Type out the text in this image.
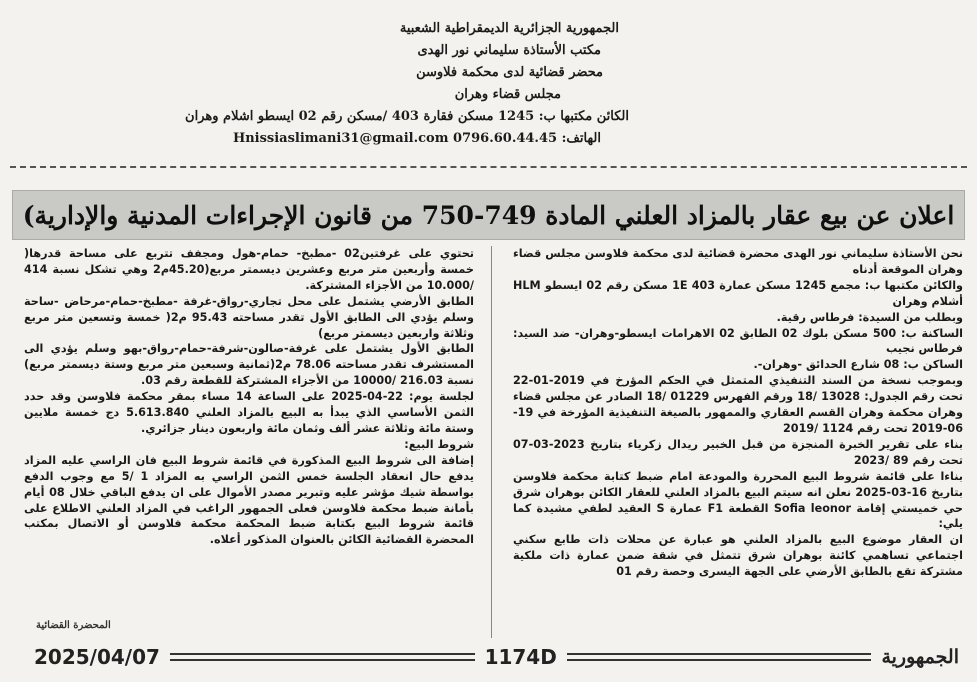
الجمهورية الجزائرية الديمقراطية الشعبية
مكتب الأستاذة سليماني نور الهدى
محضر قضائية لدى محكمة فلاوسن
مجلس قضاء وهران
الكائن مكتبها ب: 1245 مسكن فقارة 403 /مسكن رقم 02 ايسطو اشلام وهران
الهاتف: 0796.60.44.45 Hnissiaslimani31@gmail.com
اعلان عن بيع عقار بالمزاد العلني المادة 749-750 من قانون الإجراءات المدنية والإدارية)

نحن الأستاذة سليماني نور الهدى محضرة قضائية لدى محكمة فلاوسن مجلس قضاء وهران الموقعة أدناه

والكائن مكتبها ب: مجمع 1245 مسكن عمارة 1E 403 مسكن رقم 02 ايسطو HLM أشلام وهران

وبطلب من السيدة: فرطاس رقية.

الساكنة ب: 500 مسكن بلوك 02 الطابق 02 الاهرامات ايسطو-وهران- ضد السيد: فرطاس نجيب

الساكن ب: 08 شارع الحدائق -وهران-.

وبموجب نسخة من السند التنفيذي المتمثل في الحكم المؤرخ في 2019-01-22 تحت رقم الجدول: 13028 /18 ورقم الفهرس 01229 /18 الصادر عن مجلس قضاء وهران محكمة وهران القسم العقاري والممهور بالصيغة التنفيذية المؤرخة في 19-06-2019 تحت رقم 1124 /2019

بناء على تقرير الخبرة المنجزة من قبل الخبير ريدال زكرياء بتاريخ 2023-03-07 تحت رقم 89 /2023

بناءا على قائمة شروط البيع المحررة والمودعة امام ضبط كتابة محكمة فلاوسن بتاريخ 16-03-2025 نعلن انه سيتم البيع بالمزاد العلني للعقار الكائن بوهران شرق حي خميستي إقامة Sofia leonor القطعة F1 عمارة S العقيد لطفي مشيدة كما يلي:

ان العقار موضوع البيع بالمزاد العلني هو عبارة عن محلات ذات طابع سكني اجتماعي تساهمي كائنة بوهران شرق تتمثل في شقة ضمن عمارة ذات ملكية مشتركة تقع بالطابق الأرضي على الجهة اليسرى وحصة رقم 01

تحتوي على غرفتين02 -مطبخ- حمام-هول ومجفف تتربع على مساحة قدرها( خمسة وأربعين متر مربع وعشرين ديسمتر مربع(45.20م2 وهي تشكل نسبة 414 /10.000 من الأجزاء المشتركة.

الطابق الأرضي يشتمل على محل تجاري-رواق-غرفة -مطبخ-حمام-مرحاض -ساحة وسلم يؤدي الى الطابق الأول تقدر مساحته 95.43 م2( خمسة وتسعين متر مربع وثلاثة واربعين ديسمتر مربع)

الطابق الأول يشتمل على غرفة-صالون-شرفة-حمام-رواق-بهو وسلم يؤدي الى المستشرف تقدر مساحته 78.06 م2(ثمانية وسبعين متر مربع وستة ديسمتر مربع) نسبة 216.03 /10000 من الأجزاء المشتركة للقطعة رقم 03.

لجلسة يوم: 22-04-2025 على الساعة 14 مساء بمقر محكمة فلاوسن وقد حدد الثمن الأساسي الذي يبدأ به البيع بالمزاد العلني 5.613.840 دج خمسة ملايين وستة مائة وثلاثة عشر ألف وثمان مائة واربعون دينار جزائري.

شروط البيع:

إضافة الى شروط البيع المذكورة في قائمة شروط البيع فان الراسي عليه المزاد يدفع حال انعقاد الجلسة خمس الثمن الراسي به المزاد 1 /5 مع وجوب الدفع بواسطة شيك مؤشر عليه وتبرير مصدر الأموال على ان يدفع الباقي خلال 08 أيام بأمانة ضبط محكمة فلاوسن فعلى الجمهور الراغب في المزاد العلني الاطلاع على قائمة شروط البيع بكتابة ضبط المحكمة محكمة فلاوسن أو الاتصال بمكتب المحضرة القضائية الكائن بالعنوان المذكور أعلاه.

المحضرة القضائية
2025/04/07	1174D	الجمهورية
